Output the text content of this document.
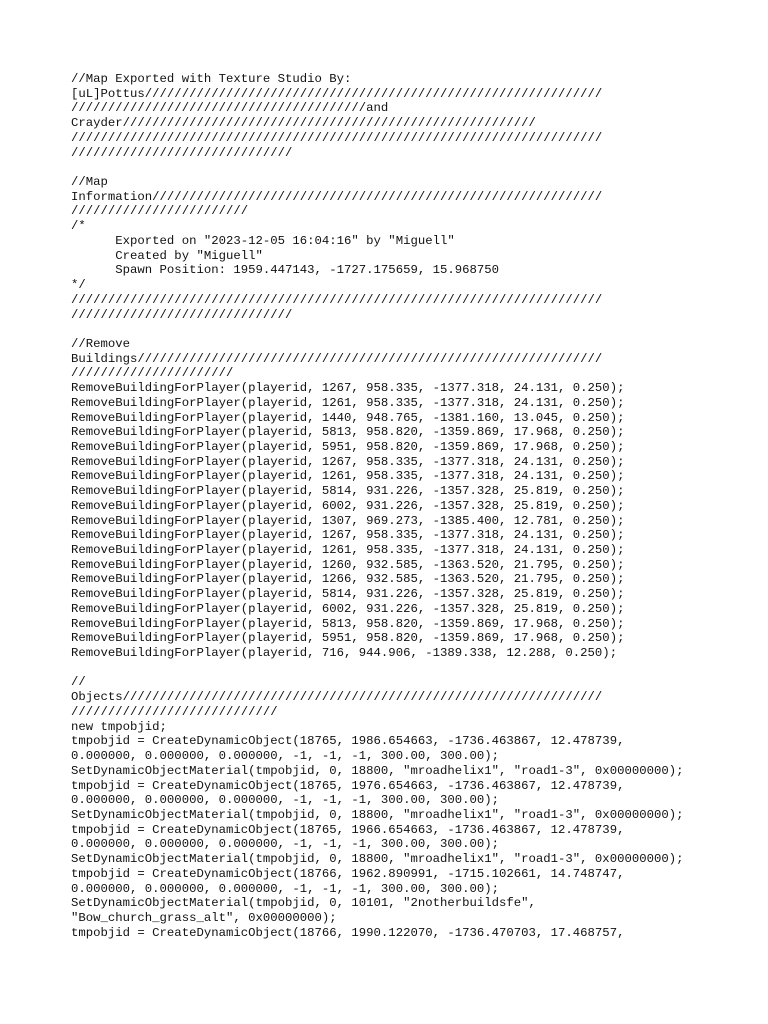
//Map Exported with Texture Studio By:
[uL]Pottus//////////////////////////////////////////////////////////////
////////////////////////////////////////and
Crayder////////////////////////////////////////////////////////
////////////////////////////////////////////////////////////////////////
//////////////////////////////
//Map
Information/////////////////////////////////////////////////////////////
////////////////////////
/*
Exported on "2023-12-05 16:04:16" by "Miguell"
Created by "Miguell"
Spawn Position: 1959.447143, -1727.175659, 15.968750
*/
////////////////////////////////////////////////////////////////////////
//////////////////////////////
//Remove
Buildings///////////////////////////////////////////////////////////////
//////////////////////
RemoveBuildingForPlayer(playerid, 1267, 958.335, -1377.318, 24.131, 0.250);
RemoveBuildingForPlayer(playerid, 1261, 958.335, -1377.318, 24.131, 0.250);
RemoveBuildingForPlayer(playerid, 1440, 948.765, -1381.160, 13.045, 0.250);
RemoveBuildingForPlayer(playerid, 5813, 958.820, -1359.869, 17.968, 0.250);
RemoveBuildingForPlayer(playerid, 5951, 958.820, -1359.869, 17.968, 0.250);
RemoveBuildingForPlayer(playerid, 1267, 958.335, -1377.318, 24.131, 0.250);
RemoveBuildingForPlayer(playerid, 1261, 958.335, -1377.318, 24.131, 0.250);
RemoveBuildingForPlayer(playerid, 5814, 931.226, -1357.328, 25.819, 0.250);
RemoveBuildingForPlayer(playerid, 6002, 931.226, -1357.328, 25.819, 0.250);
RemoveBuildingForPlayer(playerid, 1307, 969.273, -1385.400, 12.781, 0.250);
RemoveBuildingForPlayer(playerid, 1267, 958.335, -1377.318, 24.131, 0.250);
RemoveBuildingForPlayer(playerid, 1261, 958.335, -1377.318, 24.131, 0.250);
RemoveBuildingForPlayer(playerid, 1260, 932.585, -1363.520, 21.795, 0.250);
RemoveBuildingForPlayer(playerid, 1266, 932.585, -1363.520, 21.795, 0.250);
RemoveBuildingForPlayer(playerid, 5814, 931.226, -1357.328, 25.819, 0.250);
RemoveBuildingForPlayer(playerid, 6002, 931.226, -1357.328, 25.819, 0.250);
RemoveBuildingForPlayer(playerid, 5813, 958.820, -1359.869, 17.968, 0.250);
RemoveBuildingForPlayer(playerid, 5951, 958.820, -1359.869, 17.968, 0.250);
RemoveBuildingForPlayer(playerid, 716, 944.906, -1389.338, 12.288, 0.250);
//
Objects/////////////////////////////////////////////////////////////////
////////////////////////////
new tmpobjid;
tmpobjid = CreateDynamicObject(18765, 1986.654663, -1736.463867, 12.478739,
0.000000, 0.000000, 0.000000, -1, -1, -1, 300.00, 300.00);
SetDynamicObjectMaterial(tmpobjid, 0, 18800, "mroadhelix1", "road1-3", 0x00000000);
tmpobjid = CreateDynamicObject(18765, 1976.654663, -1736.463867, 12.478739,
0.000000, 0.000000, 0.000000, -1, -1, -1, 300.00, 300.00);
SetDynamicObjectMaterial(tmpobjid, 0, 18800, "mroadhelix1", "road1-3", 0x00000000);
tmpobjid = CreateDynamicObject(18765, 1966.654663, -1736.463867, 12.478739,
0.000000, 0.000000, 0.000000, -1, -1, -1, 300.00, 300.00);
SetDynamicObjectMaterial(tmpobjid, 0, 18800, "mroadhelix1", "road1-3", 0x00000000);
tmpobjid = CreateDynamicObject(18766, 1962.890991, -1715.102661, 14.748747,
0.000000, 0.000000, 0.000000, -1, -1, -1, 300.00, 300.00);
SetDynamicObjectMaterial(tmpobjid, 0, 10101, "2notherbuildsfe",
"Bow_church_grass_alt", 0x00000000);
tmpobjid = CreateDynamicObject(18766, 1990.122070, -1736.470703, 17.468757,
